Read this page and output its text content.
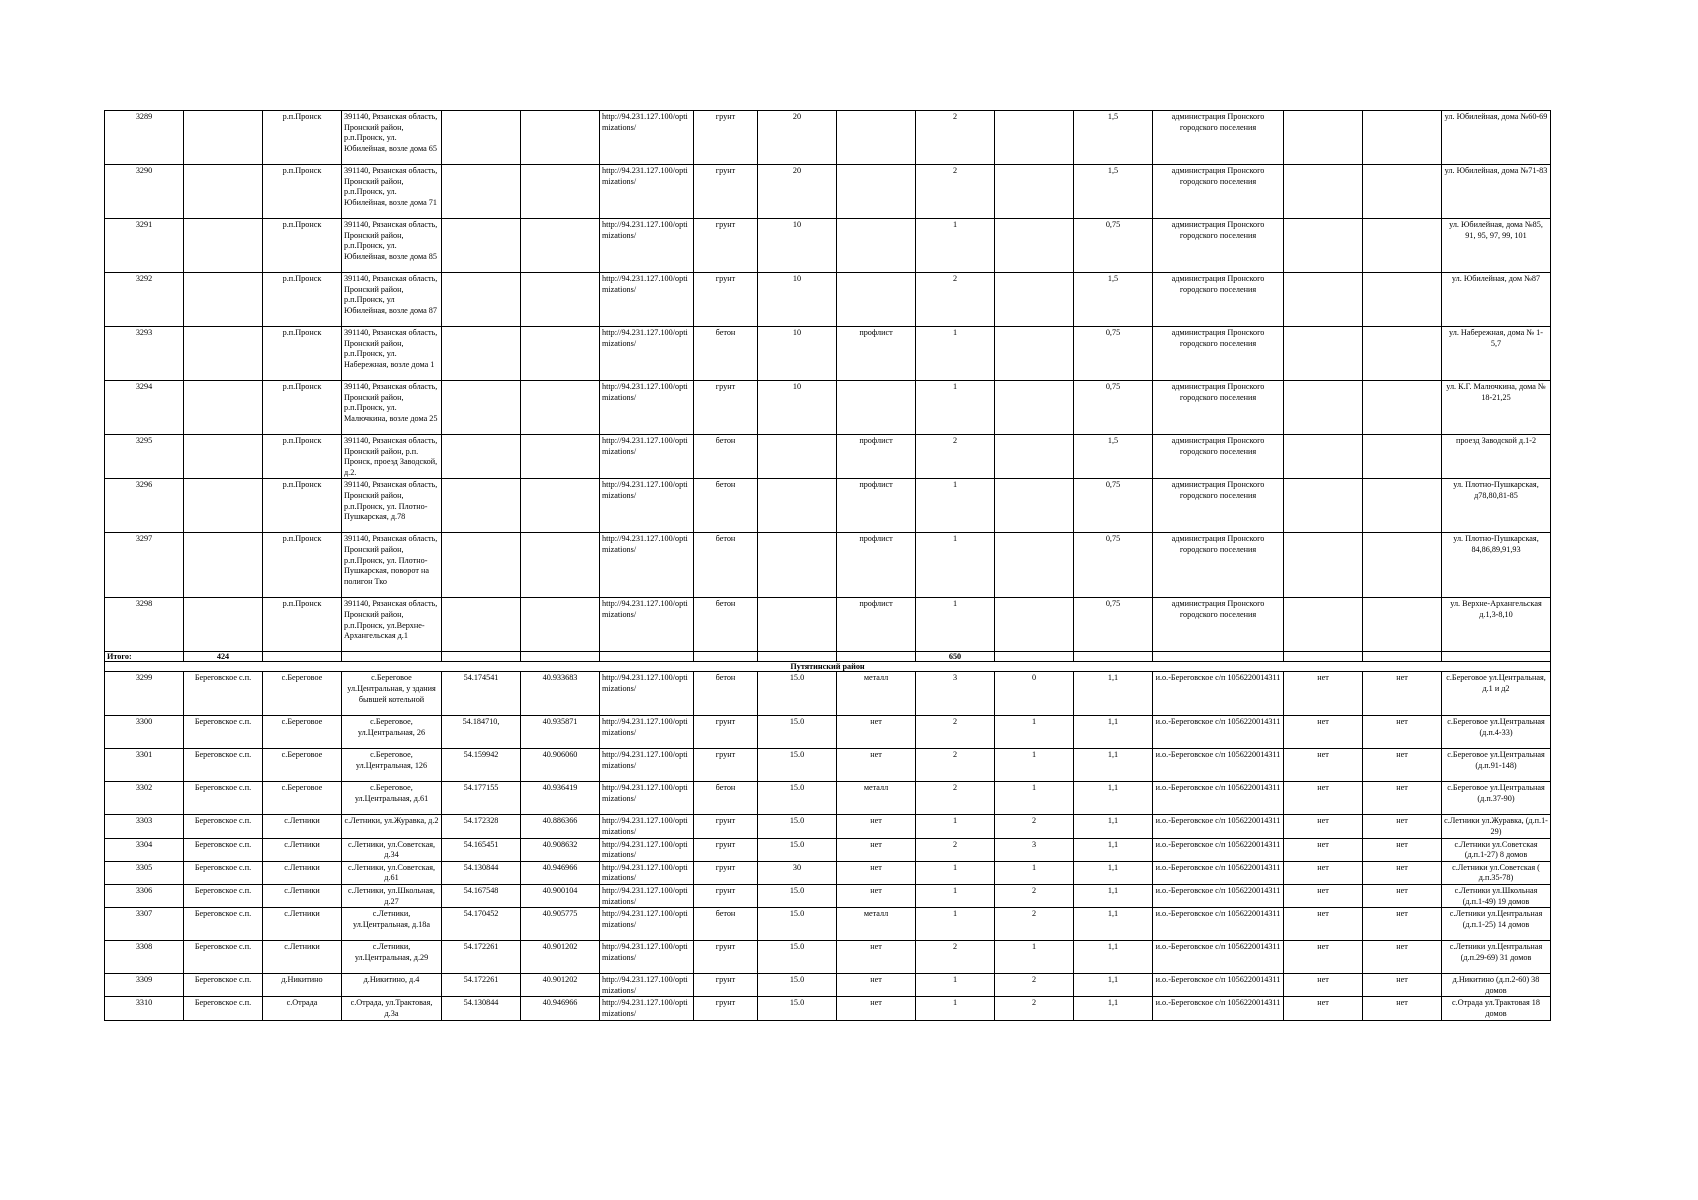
3289		р.п.Пронск	391140, Рязанская область, Пронский район, р.п.Пронск, ул. Юбилейная, возле дома 65			http://94.231.127.100/optimizations/	грунт	20		2		1,5	администрация Пронского городского поселения			ул. Юбилейная, дома №60-69
3290		р.п.Пронск	391140, Рязанская область, Пронский район, р.п.Пронск, ул. Юбилейная, возле дома 71			http://94.231.127.100/optimizations/	грунт	20		2		1,5	администрация Пронского городского поселения			ул. Юбилейная, дома №71-83
3291		р.п.Пронск	391140, Рязанская область, Пронский район, р.п.Пронск, ул. Юбилейная, возле дома 85			http://94.231.127.100/optimizations/	грунт	10		1		0,75	администрация Пронского городского поселения			ул. Юбилейная, дома №85, 91, 95, 97, 99, 101
3292		р.п.Пронск	391140, Рязанская область, Пронский район, р.п.Пронск, ул Юбилейная, возле дома 87			http://94.231.127.100/optimizations/	грунт	10		2		1,5	администрация Пронского городского поселения			ул. Юбилейная, дом №87
3293		р.п.Пронск	391140, Рязанская область, Пронский район, р.п.Пронск, ул. Набережная, возле дома 1			http://94.231.127.100/optimizations/	бетон	10	профлист	1		0,75	администрация Пронского городского поселения			ул. Набережная, дома № 1-5,7
3294		р.п.Пронск	391140, Рязанская область, Пронский район, р.п.Пронск, ул. Малючкина, возле дома 25			http://94.231.127.100/optimizations/	грунт	10		1		0,75	администрация Пронского городского поселения			ул. К.Г. Малючкина, дома № 18-21,25
3295		р.п.Пронск	391140, Рязанская область, Пронский район, р.п. Пронск, проезд Заводской, д.2.			http://94.231.127.100/optimizations/	бетон		профлист	2		1,5	администрация Пронского городского поселения			проезд Заводской д.1-2
3296		р.п.Пронск	391140, Рязанская область, Пронский район, р.п.Пронск, ул. Плотно- Пушкарская, д.78			http://94.231.127.100/optimizations/	бетон		профлист	1		0,75	администрация Пронского городского поселения			ул. Плотно-Пушкарская, д78,80,81-85
3297		р.п.Пронск	391140, Рязанская область, Пронский район, р.п.Пронск, ул. Плотно- Пушкарская, поворот на полигон Тко			http://94.231.127.100/optimizations/	бетон		профлист	1		0,75	администрация Пронского городского поселения			ул. Плотно-Пушкарская, 84,86,89,91,93
3298		р.п.Пронск	391140, Рязанская область, Пронский район, р.п.Пронск, ул.Верхне-Архангельская д.1			http://94.231.127.100/optimizations/	бетон		профлист	1		0,75	администрация Пронского городского поселения			ул. Верхне-Архангельская д.1,3-8,10
Итого:	424									650						
Путятинский район																
3299	Береговское с.п.	с.Береговое	с.Береговое ул.Центральная, у здания бывшей котельной	54.174541	40.933683	http://94.231.127.100/optimizations/	бетон	15.0	металл	3	0	1,1	и.о.-Береговское с/п 1056220014311	нет	нет	с.Береговое ул.Центральная, д.1 и д2
3300	Береговское с.п.	с.Береговое	с.Береговое, ул.Центральная, 26	54.184710,	40.935871	http://94.231.127.100/optimizations/	грунт	15.0	нет	2	1	1,1	и.о.-Береговское с/п 1056220014311	нет	нет	с.Береговое ул.Центральная (д.п.4-33)
3301	Береговское с.п.	с.Береговое	с.Береговое, ул.Центральная, 126	54.159942	40.906060	http://94.231.127.100/optimizations/	грунт	15.0	нет	2	1	1,1	и.о.-Береговское с/п 1056220014311	нет	нет	с.Береговое ул.Центральная (д.п.91-148)
3302	Береговское с.п.	с.Береговое	с.Береговое, ул.Центральная, д.61	54.177155	40.936419	http://94.231.127.100/optimizations/	бетон	15.0	металл	2	1	1,1	и.о.-Береговское с/п 1056220014311	нет	нет	с.Береговое ул.Центральная (д.п.37-90)
3303	Береговское с.п.	с.Летники	с.Летники, ул.Журавка, д.2	54.172328	40.886366	http://94.231.127.100/optimizations/	грунт	15.0	нет	1	2	1,1	и.о.-Береговское с/п 1056220014311	нет	нет	с.Летники ул.Журавка, (д.п.1-29)
3304	Береговское с.п.	с.Летники	с.Летники, ул.Советская, д.34	54.165451	40.908632	http://94.231.127.100/optimizations/	грунт	15.0	нет	2	3	1,1	и.о.-Береговское с/п 1056220014311	нет	нет	с.Летники ул.Советская (д.п.1-27) 8 домов
3305	Береговское с.п.	с.Летники	с.Летники, ул.Советская, д.61	54.130844	40.946966	http://94.231.127.100/optimizations/	грунт	30	нет	1	1	1,1	и.о.-Береговское с/п 1056220014311	нет	нет	с.Летники ул.Советская ( д.п.35-78)
3306	Береговское с.п.	с.Летники	с.Летники, ул.Школьная, д.27	54.167548	40.900104	http://94.231.127.100/optimizations/	грунт	15.0	нет	1	2	1,1	и.о.-Береговское с/п 1056220014311	нет	нет	с.Летники ул.Школьная (д.п.1-49) 19 домов
3307	Береговское с.п.	с.Летники	с.Летники, ул.Центральная, д.18а	54.170452	40.905775	http://94.231.127.100/optimizations/	бетон	15.0	металл	1	2	1,1	и.о.-Береговское с/п 1056220014311	нет	нет	с.Летники ул.Центральная (д.п.1-25) 14 домов
3308	Береговское с.п.	с.Летники	с.Летники, ул.Центральная, д.29	54.172261	40.901202	http://94.231.127.100/optimizations/	грунт	15.0	нет	2	1	1,1	и.о.-Береговское с/п 1056220014311	нет	нет	с.Летники ул.Центральная (д.п.29-69) 31 домов
3309	Береговское с.п.	д.Никитино	д.Никитино, д.4	54.172261	40.901202	http://94.231.127.100/optimizations/	грунт	15.0	нет	1	2	1,1	и.о.-Береговское с/п 1056220014311	нет	нет	д.Никитино (д.п.2-60) 38 домов
3310	Береговское с.п.	с.Отрада	с.Отрада, ул.Трактовая, д.3а	54.130844	40.946966	http://94.231.127.100/optimizations/	грунт	15.0	нет	1	2	1,1	и.о.-Береговское с/п 1056220014311	нет	нет	с.Отрада ул.Трактовая 18 домов
